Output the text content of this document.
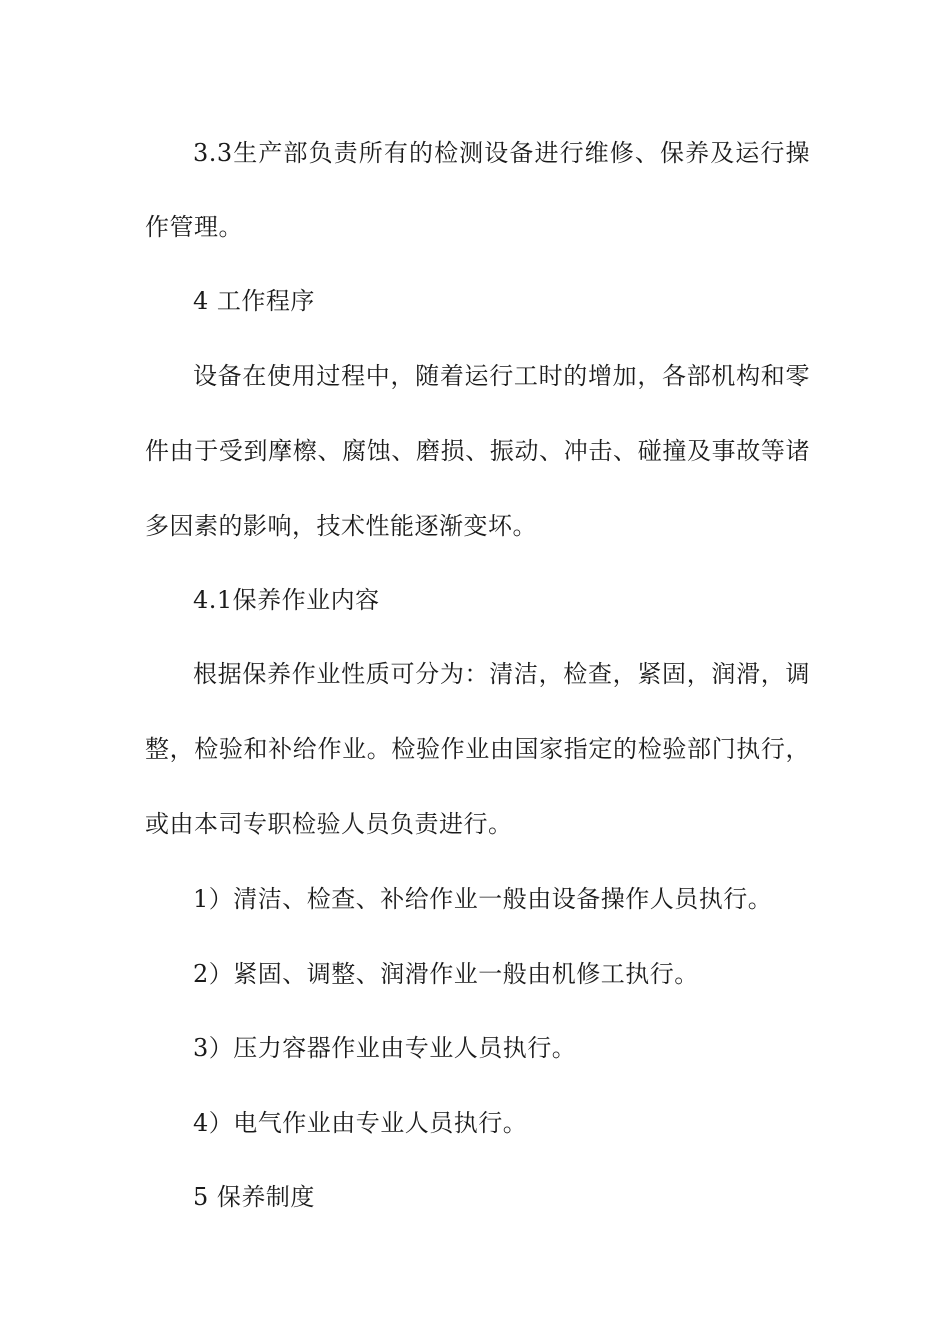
3.3生产部负责所有的检测设备进行维修、保养及运行操
作管理。
4 工作程序
设备在使用过程中，随着运行工时的增加，各部机构和零
件由于受到摩檫、腐蚀、磨损、振动、冲击、碰撞及事故等诸
多因素的影响，技术性能逐渐变坏。
4.1保养作业内容
根据保养作业性质可分为：清洁，检查，紧固，润滑，调
整，检验和补给作业。检验作业由国家指定的检验部门执行，
或由本司专职检验人员负责进行。
1）清洁、检查、补给作业一般由设备操作人员执行。
2）紧固、调整、润滑作业一般由机修工执行。
3）压力容器作业由专业人员执行。
4）电气作业由专业人员执行。
5 保养制度
